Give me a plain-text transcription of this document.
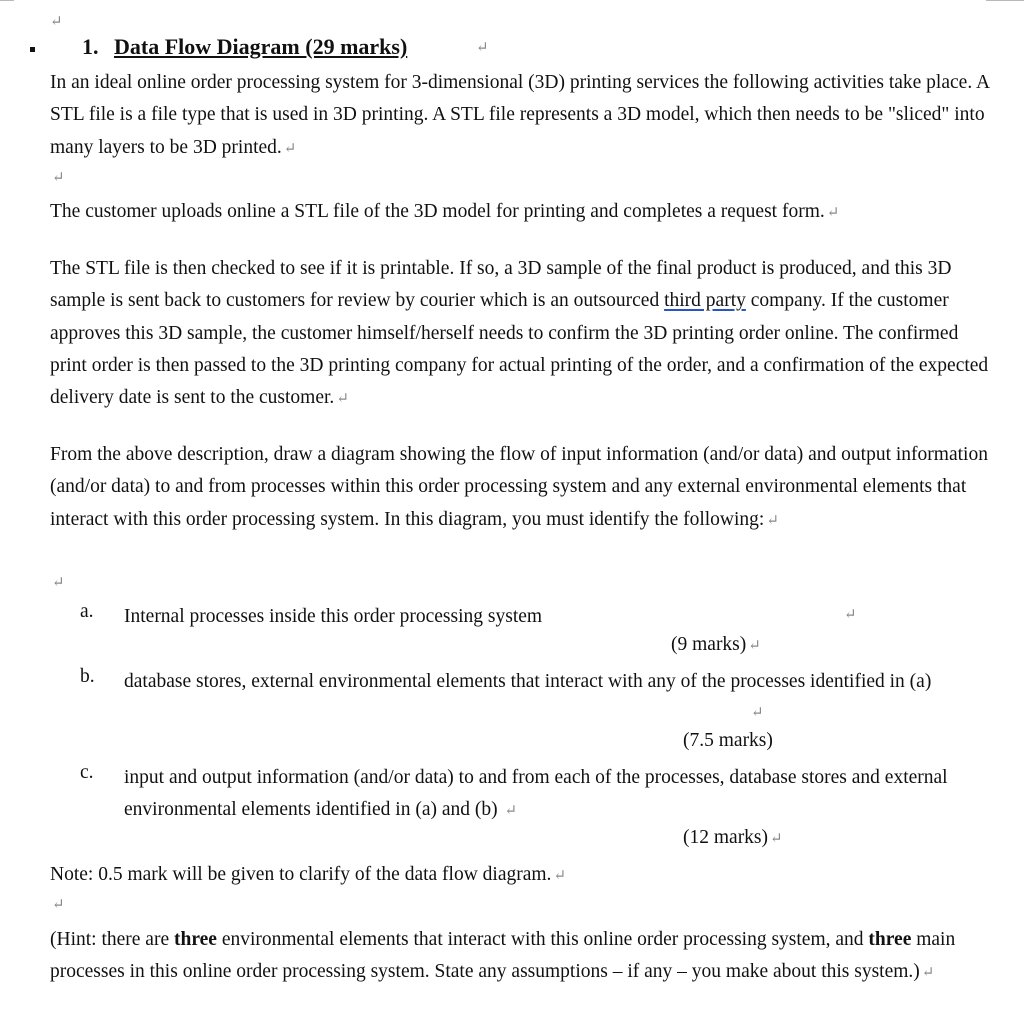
↵
1. Data Flow Diagram (29 marks)	↵

In an ideal online order processing system for 3-dimensional (3D) printing services the following activities take place. A STL file is a file type that is used in 3D printing. A STL file represents a 3D model, which then needs to be "sliced" into many layers to be 3D printed. ↵

↵

The customer uploads online a STL file of the 3D model for printing and completes a request form. ↵

The STL file is then checked to see if it is printable. If so, a 3D sample of the final product is produced, and this 3D sample is sent back to customers for review by courier which is an outsourced third party company. If the customer approves this 3D sample, the customer himself/herself needs to confirm the 3D printing order online. The confirmed print order is then passed to the 3D printing company for actual printing of the order, and a confirmation of the expected delivery date is sent to the customer. ↵

From the above description, draw a diagram showing the flow of input information (and/or data) and output information (and/or data) to and from processes within this order processing system and any external environmental elements that interact with this order processing system. In this diagram, you must identify the following: ↵

↵
a. Internal processes inside this order processing system	↵
(9 marks) ↵
b. database stores, external environmental elements that interact with any of the processes identified in (a)
↵
(7.5 marks)
c. input and output information (and/or data) to and from each of the processes, database stores and external environmental elements identified in (a) and (b) ↵
(12 marks) ↵

Note: 0.5 mark will be given to clarify of the data flow diagram. ↵

↵

(Hint: there are three environmental elements that interact with this online order processing system, and three main processes in this online order processing system. State any assumptions – if any – you make about this system.) ↵
